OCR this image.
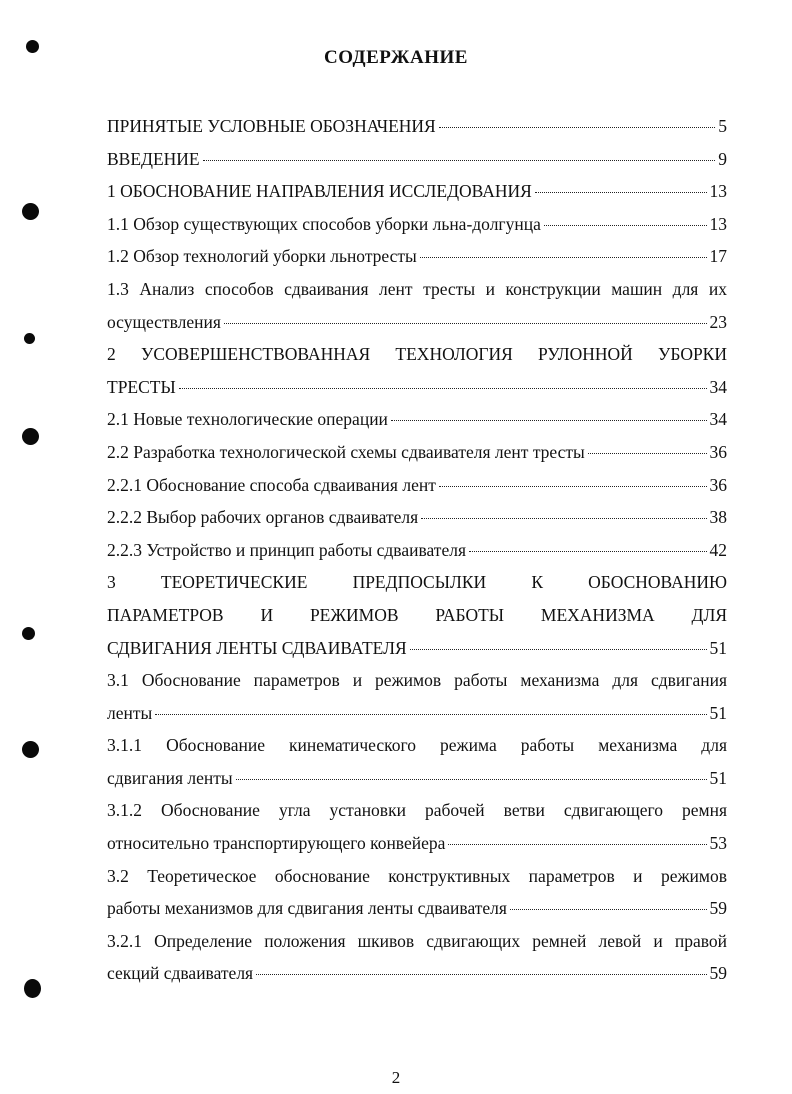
СОДЕРЖАНИЕ
ПРИНЯТЫЕ УСЛОВНЫЕ ОБОЗНАЧЕНИЯ	5
ВВЕДЕНИЕ	9
1 ОБОСНОВАНИЕ НАПРАВЛЕНИЯ ИССЛЕДОВАНИЯ	13
1.1 Обзор существующих способов уборки льна-долгунца	13
1.2 Обзор технологий уборки льнотресты	17
1.3 Анализ способов сдваивания лент тресты и конструкции машин для их
осуществления	23
2 УСОВЕРШЕНСТВОВАННАЯ ТЕХНОЛОГИЯ РУЛОННОЙ УБОРКИ
ТРЕСТЫ	34
2.1 Новые технологические операции	34
2.2 Разработка технологической схемы сдваивателя лент тресты	36
2.2.1 Обоснование способа сдваивания лент	36
2.2.2 Выбор рабочих органов сдваивателя	38
2.2.3 Устройство и принцип работы сдваивателя	42
3 ТЕОРЕТИЧЕСКИЕ ПРЕДПОСЫЛКИ К ОБОСНОВАНИЮ
ПАРАМЕТРОВ И РЕЖИМОВ РАБОТЫ МЕХАНИЗМА ДЛЯ
СДВИГАНИЯ ЛЕНТЫ СДВАИВАТЕЛЯ	51
3.1 Обоснование параметров и режимов работы механизма для сдвигания
ленты	51
3.1.1 Обоснование кинематического режима работы механизма для
сдвигания ленты	51
3.1.2 Обоснование угла установки рабочей ветви сдвигающего ремня
относительно транспортирующего конвейера	53
3.2 Теоретическое обоснование конструктивных параметров и режимов
работы механизмов для сдвигания ленты сдваивателя	59
3.2.1 Определение положения шкивов сдвигающих ремней левой и правой
секций сдваивателя	59
2
